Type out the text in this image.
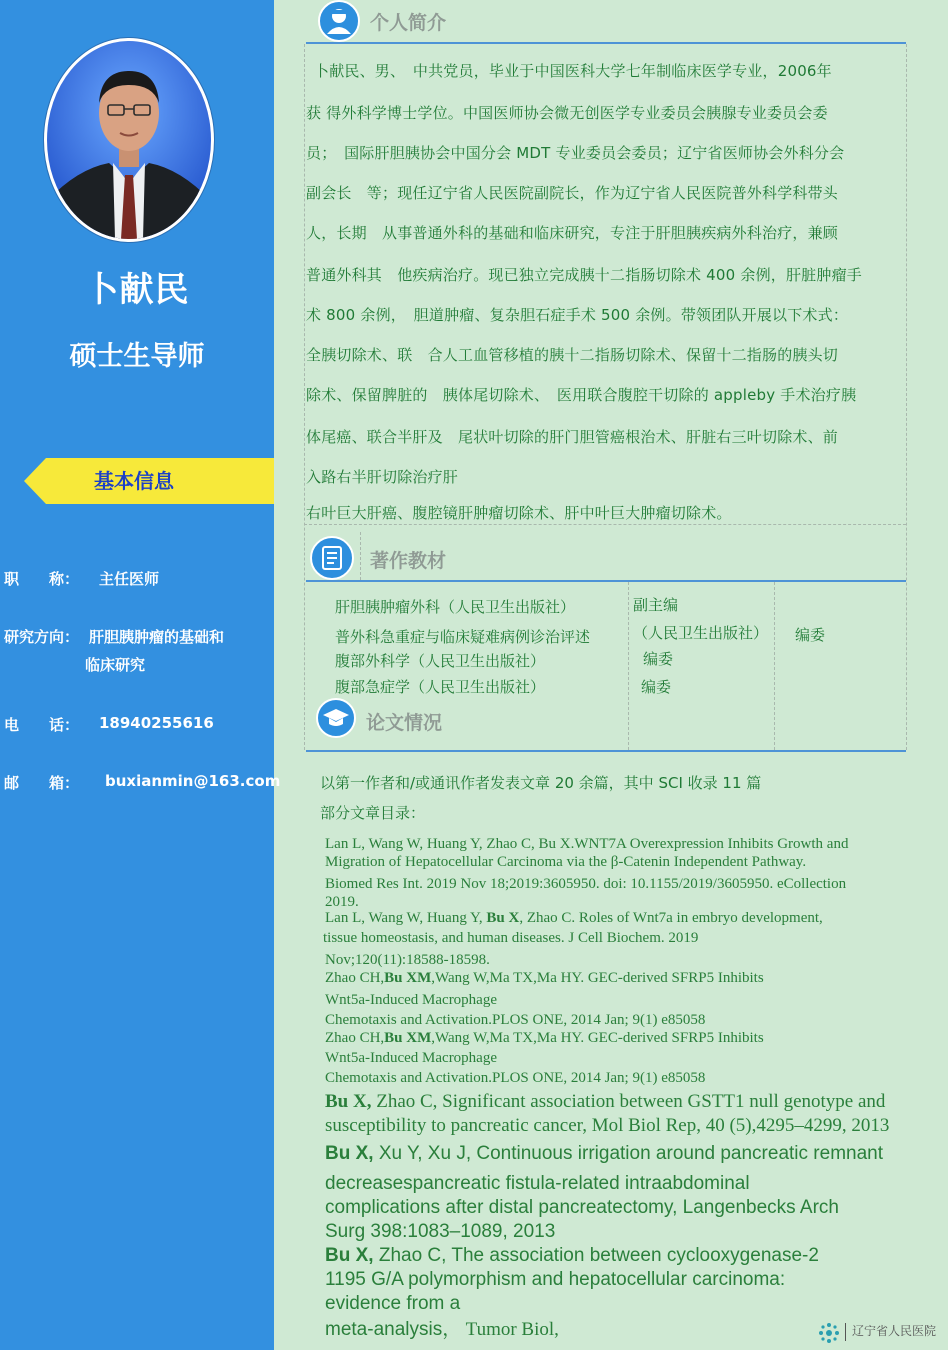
卜献民
硕士生导师
基本信息
职　　称： 主任医师
研究方向： 肝胆胰肿瘤的基础和
临床研究
电　　话： 18940255616
邮　　箱： buxianmin@163.com
个人简介

卜献民、男、　中共党员，毕业于中国医科大学七年制临床医学专业，2006年

获 得外科学博士学位。中国医师协会微无创医学专业委员会胰腺专业委员会委

员；　国际肝胆胰协会中国分会 MDT 专业委员会委员；辽宁省医师协会外科分会

副会长　等；现任辽宁省人民医院副院长，作为辽宁省人民医院普外科学科带头

人，长期　从事普通外科的基础和临床研究，专注于肝胆胰疾病外科治疗，兼顾

普通外科其　他疾病治疗。现已独立完成胰十二指肠切除术 400 余例，肝脏肿瘤手

术 800 余例，　胆道肿瘤、复杂胆石症手术 500 余例。带领团队开展以下术式：

全胰切除术、联　合人工血管移植的胰十二指肠切除术、保留十二指肠的胰头切

除术、保留脾脏的　胰体尾切除术、　医用联合腹腔干切除的 appleby 手术治疗胰

体尾癌、联合半肝及　尾状叶切除的肝门胆管癌根治术、肝脏右三叶切除术、前

入路右半肝切除治疗肝

右叶巨大肝癌、腹腔镜肝肿瘤切除术、肝中叶巨大肿瘤切除术。

著作教材
肝胆胰肿瘤外科（人民卫生出版社）
普外科急重症与临床疑难病例诊治评述
腹部外科学（人民卫生出版社）
腹部急症学（人民卫生出版社）
副主编
（人民卫生出版社） 编委
编委
编委
论文情况
以第一作者和/或通讯作者发表文章 20 余篇，其中 SCI 收录 11 篇
部分文章目录：
Lan L, Wang W, Huang Y, Zhao C, Bu X.WNT7A Overexpression Inhibits Growth and
Migration of Hepatocellular Carcinoma via the β-Catenin Independent Pathway.
Biomed Res Int. 2019 Nov 18;2019:3605950. doi: 10.1155/2019/3605950. eCollection
2019.
Lan L, Wang W, Huang Y, Bu X, Zhao C. Roles of Wnt7a in embryo development,
tissue homeostasis, and human diseases. J Cell Biochem. 2019
Nov;120(11):18588-18598.
Zhao CH,Bu XM,Wang W,Ma TX,Ma HY. GEC-derived SFRP5 Inhibits
Wnt5a-Induced Macrophage
Chemotaxis and Activation.PLOS ONE, 2014 Jan; 9(1) e85058
Zhao CH,Bu XM,Wang W,Ma TX,Ma HY. GEC-derived SFRP5 Inhibits
Wnt5a-Induced Macrophage
Chemotaxis and Activation.PLOS ONE, 2014 Jan; 9(1) e85058
Bu X, Zhao C, Significant association between GSTT1 null genotype and
susceptibility to pancreatic cancer, Mol Biol Rep, 40 (5),4295–4299, 2013
Bu X, Xu Y, Xu J, Continuous irrigation around pancreatic remnant
decreasespancreatic fistula-related intraabdominal
complications after distal pancreatectomy, Langenbecks Arch
Surg 398:1083–1089, 2013
Bu X, Zhao C, The association between cyclooxygenase-2
1195 G/A polymorphism and hepatocellular carcinoma:
evidence from a
meta-analysis， Tumor Biol,	辽宁省人民医院
